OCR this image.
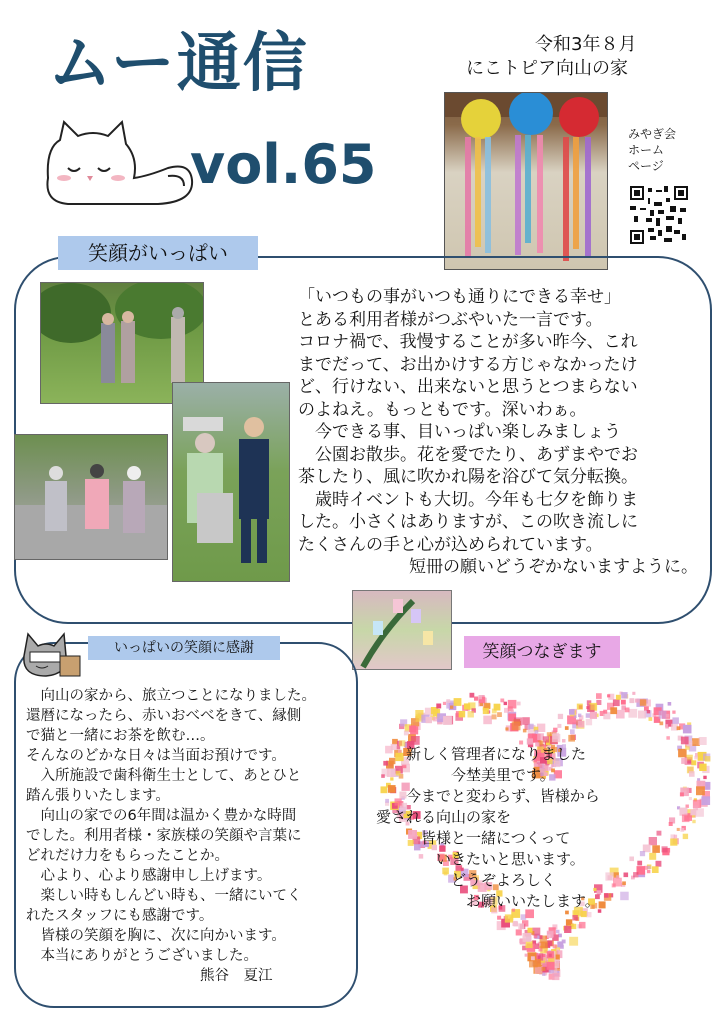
ムー通信
vol.65
令和3年８月
にこトピア向山の家
みやぎ会
ホーム
ページ
笑顔がいっぱい

「いつもの事がいつも通りにできる幸せ」

とある利用者様がつぶやいた一言です。

コロナ禍で、我慢することが多い昨今、これ

までだって、お出かけする方じゃなかったけ

ど、行けない、出来ないと思うとつまらない

のよねえ。もっともです。深いわぁ。

　今できる事、目いっぱい楽しみましょう

　公園お散歩。花を愛でたり、あずまやでお

茶したり、風に吹かれ陽を浴びて気分転換。

　歳時イベントも大切。今年も七夕を飾りま

した。小さくはありますが、この吹き流しに

たくさんの手と心が込められています。

　　　短冊の願いどうぞかないますように。

いっぱいの笑顔に感謝

　向山の家から、旅立つことになりました。

還暦になったら、赤いおべべをきて、縁側

で猫と一緒にお茶を飲む…。

そんなのどかな日々は当面お預けです。

　入所施設で歯科衛生士として、あとひと

踏ん張りいたします。

　向山の家での6年間は温かく豊かな時間

でした。利用者様・家族様の笑顔や言葉に

どれだけ力をもらったことか。

　心より、心より感謝申し上げます。

　楽しい時もしんどい時も、一緒にいてく

れたスタッフにも感謝です。

　皆様の笑顔を胸に、次に向かいます。

　本当にありがとうございました。

　　　　　　　　　　　　熊谷　夏江

笑顔つなぎます

　　新しく管理者になりました

　　　　　今埜美里です。

　　今までと変わらず、皆様から

愛される向山の家を

　　　皆様と一緒につくって

　　　　いきたいと思います。

　　　　　どうぞよろしく

　　　　　　お願いいたします。
